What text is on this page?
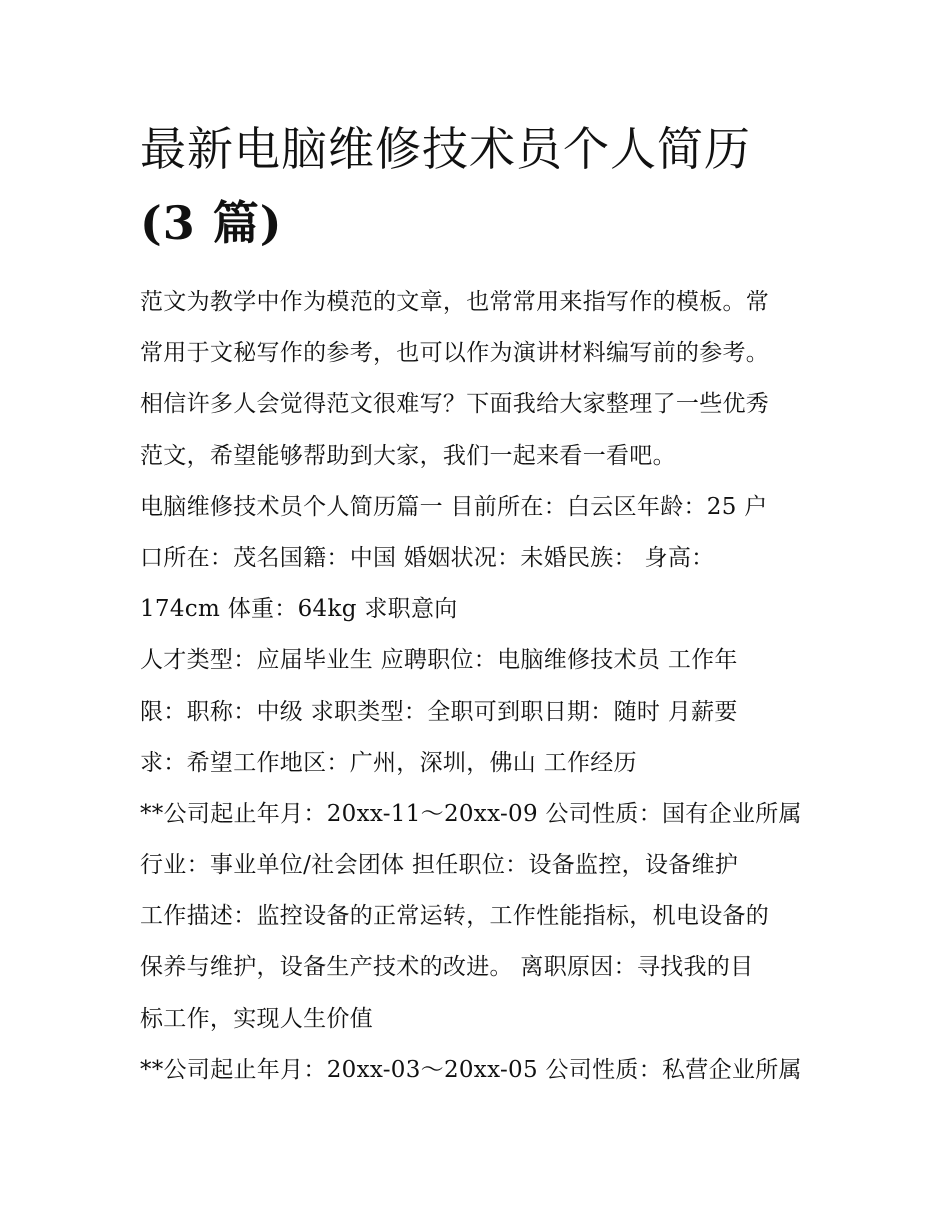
最新电脑维修技术员个人简历
(3 篇)
范文为教学中作为模范的文章，也常常用来指写作的模板。常
常用于文秘写作的参考，也可以作为演讲材料编写前的参考。
相信许多人会觉得范文很难写？下面我给大家整理了一些优秀
范文，希望能够帮助到大家，我们一起来看一看吧。
电脑维修技术员个人简历篇一 目前所在：白云区年龄：25 户
口所在：茂名国籍：中国 婚姻状况：未婚民族： 身高：
174cm 体重：64kg 求职意向
人才类型：应届毕业生 应聘职位：电脑维修技术员 工作年
限：职称：中级 求职类型：全职可到职日期：随时 月薪要
求：希望工作地区：广州，深圳，佛山 工作经历
**公司起止年月：20xx-11～20xx-09 公司性质：国有企业所属
行业：事业单位/社会团体 担任职位：设备监控，设备维护
工作描述：监控设备的正常运转，工作性能指标，机电设备的
保养与维护，设备生产技术的改进。 离职原因：寻找我的目
标工作，实现人生价值
**公司起止年月：20xx-03～20xx-05 公司性质：私营企业所属
